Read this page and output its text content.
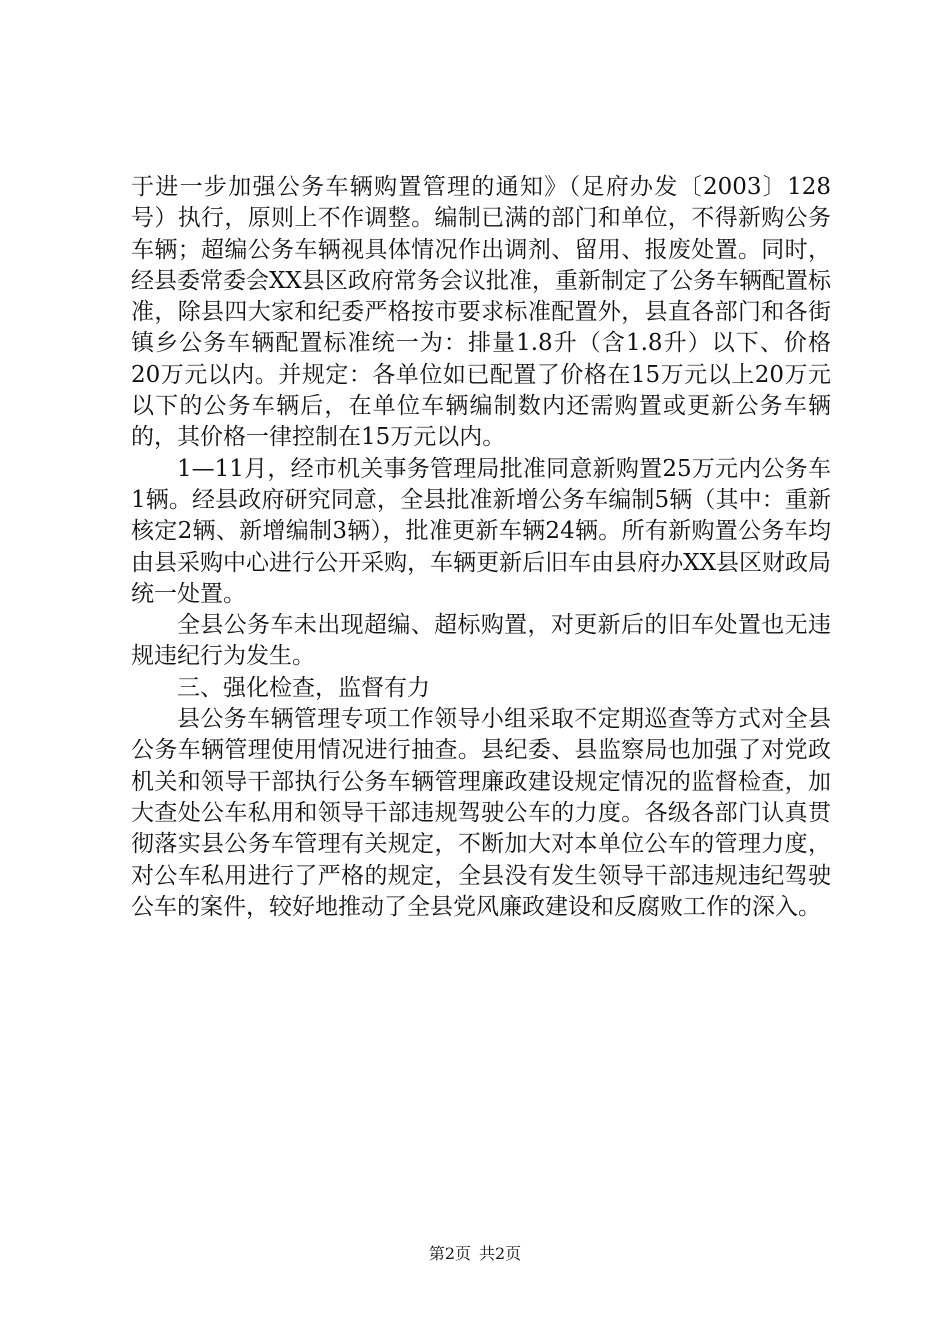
于进一步加强公务车辆购置管理的通知》（足府办发〔2003〕128号）执行，原则上不作调整。编制已满的部门和单位，不得新购公务车辆；超编公务车辆视具体情况作出调剂、留用、报废处置。同时，经县委常委会XX县区政府常务会议批准，重新制定了公务车辆配置标准，除县四大家和纪委严格按市要求标准配置外，县直各部门和各街镇乡公务车辆配置标准统一为：排量1.8升（含1.8升）以下、价格20万元以内。并规定：各单位如已配置了价格在15万元以上20万元以下的公务车辆后，在单位车辆编制数内还需购置或更新公务车辆的，其价格一律控制在15万元以内。

1—11月，经市机关事务管理局批准同意新购置25万元内公务车1辆。经县政府研究同意，全县批准新增公务车编制5辆（其中：重新核定2辆、新增编制3辆），批准更新车辆24辆。所有新购置公务车均由县采购中心进行公开采购，车辆更新后旧车由县府办XX县区财政局统一处置。

全县公务车未出现超编、超标购置，对更新后的旧车处置也无违规违纪行为发生。

三、强化检查，监督有力

县公务车辆管理专项工作领导小组采取不定期巡查等方式对全县公务车辆管理使用情况进行抽查。县纪委、县监察局也加强了对党政机关和领导干部执行公务车辆管理廉政建设规定情况的监督检查，加大查处公车私用和领导干部违规驾驶公车的力度。各级各部门认真贯彻落实县公务车管理有关规定，不断加大对本单位公车的管理力度，对公车私用进行了严格的规定，全县没有发生领导干部违规违纪驾驶公车的案件，较好地推动了全县党风廉政建设和反腐败工作的深入。

第2页 共2页
